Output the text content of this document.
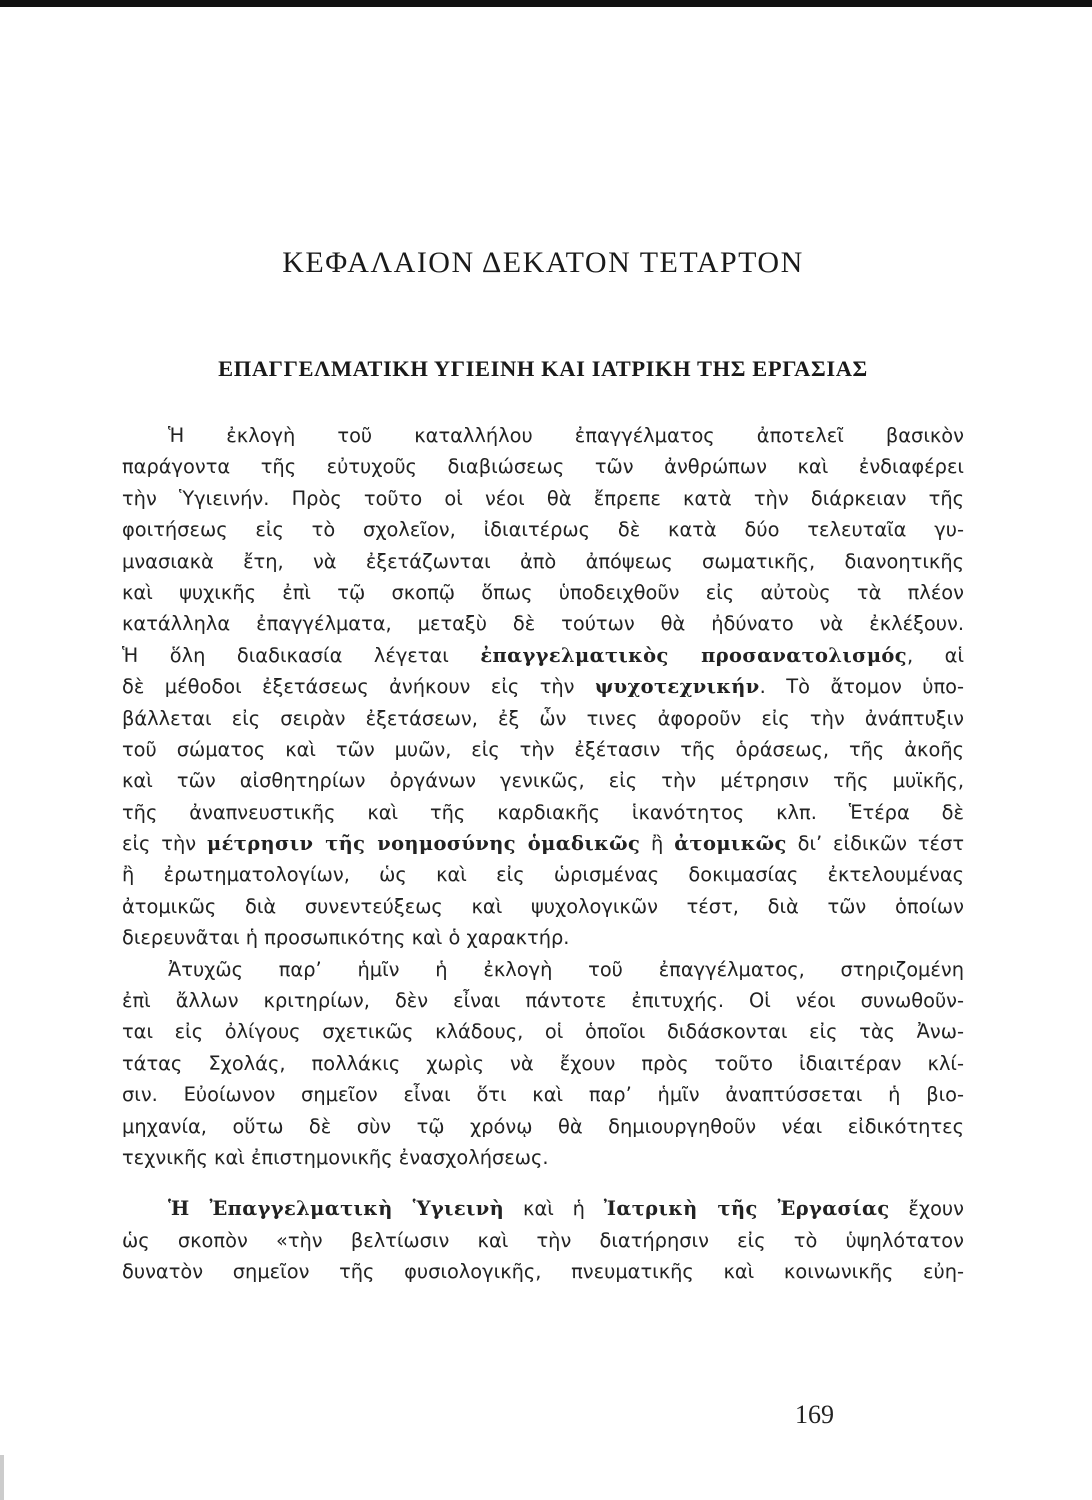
ΚΕΦΑΛΑΙΟΝ ΔΕΚΑΤΟΝ ΤΕΤΑΡΤΟΝ
ΕΠΑΓΓΕΛΜΑΤΙΚΗ ΥΓΙΕΙΝΗ ΚΑΙ ΙΑΤΡΙΚΗ ΤΗΣ ΕΡΓΑΣΙΑΣ
Ἡ ἐκλογὴ τοῦ καταλλήλου ἐπαγγέλματος ἀποτελεῖ βασικὸν
παράγοντα τῆς εὐτυχοῦς διαβιώσεως τῶν ἀνθρώπων καὶ ἐνδιαφέρει
τὴν Ὑγιεινήν. Πρὸς τοῦτο οἱ νέοι θὰ ἔπρεπε κατὰ τὴν διάρκειαν τῆς
φοιτήσεως εἰς τὸ σχολεῖον, ἰδιαιτέρως δὲ κατὰ δύο τελευταῖα γυ-
μνασιακὰ ἔτη, νὰ ἐξετάζωνται ἀπὸ ἀπόψεως σωματικῆς, διανοητικῆς
καὶ ψυχικῆς ἐπὶ τῷ σκοπῷ ὅπως ὑποδειχθοῦν εἰς αὐτοὺς τὰ πλέον
κατάλληλα ἐπαγγέλματα, μεταξὺ δὲ τούτων θὰ ἠδύνατο νὰ ἐκλέξουν.
Ἡ ὅλη διαδικασία λέγεται ἐπαγγελματικὸς προσανατολισμός, αἱ
δὲ μέθοδοι ἐξετάσεως ἀνήκουν εἰς τὴν ψυχοτεχνικήν. Τὸ ἄτομον ὑπο-
βάλλεται εἰς σειρὰν ἐξετάσεων, ἐξ ὧν τινες ἀφοροῦν εἰς τὴν ἀνάπτυξιν
τοῦ σώματος καὶ τῶν μυῶν, εἰς τὴν ἐξέτασιν τῆς ὁράσεως, τῆς ἀκοῆς
καὶ τῶν αἰσθητηρίων ὀργάνων γενικῶς, εἰς τὴν μέτρησιν τῆς μυϊκῆς,
τῆς ἀναπνευστικῆς καὶ τῆς καρδιακῆς ἱκανότητος κλπ. Ἑτέρα δὲ
εἰς τὴν μέτρησιν τῆς νοημοσύνης ὁμαδικῶς ἢ ἀτομικῶς δι’ εἰδικῶν τέστ
ἢ ἐρωτηματολογίων, ὡς καὶ εἰς ὡρισμένας δοκιμασίας ἐκτελουμένας
ἀτομικῶς διὰ συνεντεύξεως καὶ ψυχολογικῶν τέστ, διὰ τῶν ὁποίων
διερευνᾶται ἡ προσωπικότης καὶ ὁ χαρακτήρ.
Ἀτυχῶς παρ’ ἡμῖν ἡ ἐκλογὴ τοῦ ἐπαγγέλματος, στηριζομένη
ἐπὶ ἄλλων κριτηρίων, δὲν εἶναι πάντοτε ἐπιτυχής. Οἱ νέοι συνωθοῦν-
ται εἰς ὀλίγους σχετικῶς κλάδους, οἱ ὁποῖοι διδάσκονται εἰς τὰς Ἀνω-
τάτας Σχολάς, πολλάκις χωρὶς νὰ ἔχουν πρὸς τοῦτο ἰδιαιτέραν κλί-
σιν. Εὐοίωνον σημεῖον εἶναι ὅτι καὶ παρ’ ἡμῖν ἀναπτύσσεται ἡ βιο-
μηχανία, οὕτω δὲ σὺν τῷ χρόνῳ θὰ δημιουργηθοῦν νέαι εἰδικότητες
τεχνικῆς καὶ ἐπιστημονικῆς ἐνασχολήσεως.
Ἡ Ἐπαγγελματικὴ Ὑγιεινὴ καὶ ἡ Ἰατρικὴ τῆς Ἐργασίας ἔχουν
ὡς σκοπὸν «τὴν βελτίωσιν καὶ τὴν διατήρησιν εἰς τὸ ὑψηλότατον
δυνατὸν σημεῖον τῆς φυσιολογικῆς, πνευματικῆς καὶ κοινωνικῆς εὐη-
169
